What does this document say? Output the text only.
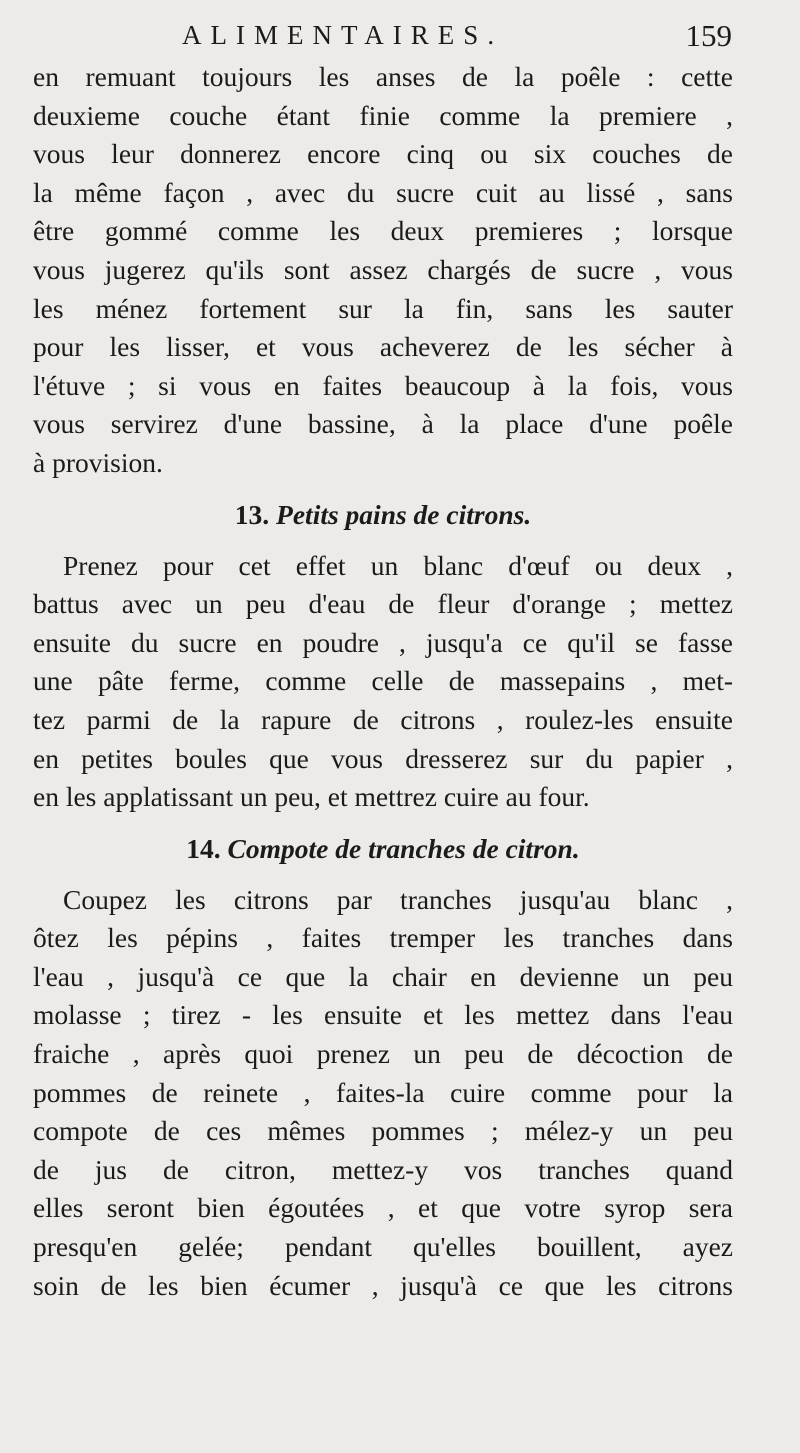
ALIMENTAIRES.	159

en remuant toujours les anses de la poêle : cette
deuxieme couche étant finie comme la premiere ,
vous leur donnerez encore cinq ou six couches de
la même façon , avec du sucre cuit au lissé , sans
être gommé comme les deux premieres ; lorsque
vous jugerez qu'ils sont assez chargés de sucre , vous
les ménez fortement sur la fin, sans les sauter
pour les lisser, et vous acheverez de les sécher à
l'étuve ; si vous en faites beaucoup à la fois, vous
vous servirez d'une bassine, à la place d'une poêle
à provision.

13. Petits pains de citrons.

Prenez pour cet effet un blanc d'œuf ou deux ,
battus avec un peu d'eau de fleur d'orange ; mettez
ensuite du sucre en poudre , jusqu'a ce qu'il se fasse
une pâte ferme, comme celle de massepains , met-
tez parmi de la rapure de citrons , roulez-les ensuite
en petites boules que vous dresserez sur du papier ,
en les applatissant un peu, et mettrez cuire au four.

14. Compote de tranches de citron.

Coupez les citrons par tranches jusqu'au blanc ,
ôtez les pépins , faites tremper les tranches dans
l'eau , jusqu'à ce que la chair en devienne un peu
molasse ; tirez - les ensuite et les mettez dans l'eau
fraiche , après quoi prenez un peu de décoction de
pommes de reinete , faites-la cuire comme pour la
compote de ces mêmes pommes ; mélez-y un peu
de jus de citron, mettez-y vos tranches quand
elles seront bien égoutées , et que votre syrop sera
presqu'en gelée; pendant qu'elles bouillent, ayez
soin de les bien écumer , jusqu'à ce que les citrons
